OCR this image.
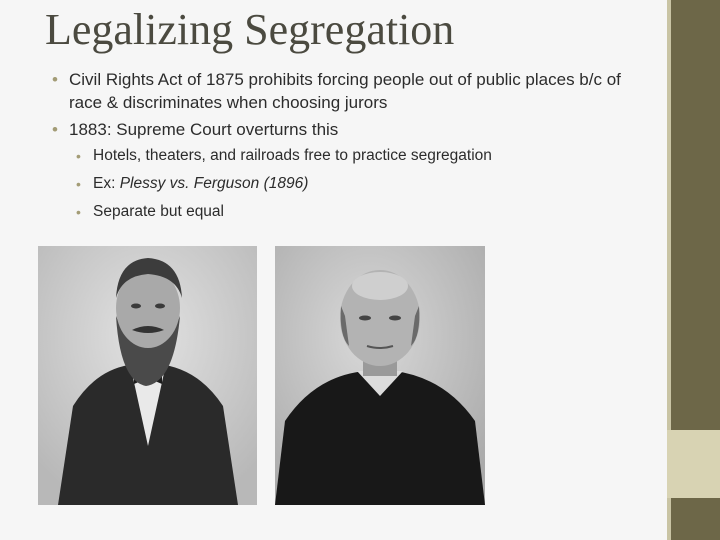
Legalizing Segregation
• Civil Rights Act of 1875 prohibits forcing people out of public places b/c of race & discriminates when choosing jurors
• 1883: Supreme Court overturns this
• Hotels, theaters, and railroads free to practice segregation
• Ex: Plessy vs. Ferguson (1896)
• Separate but equal
